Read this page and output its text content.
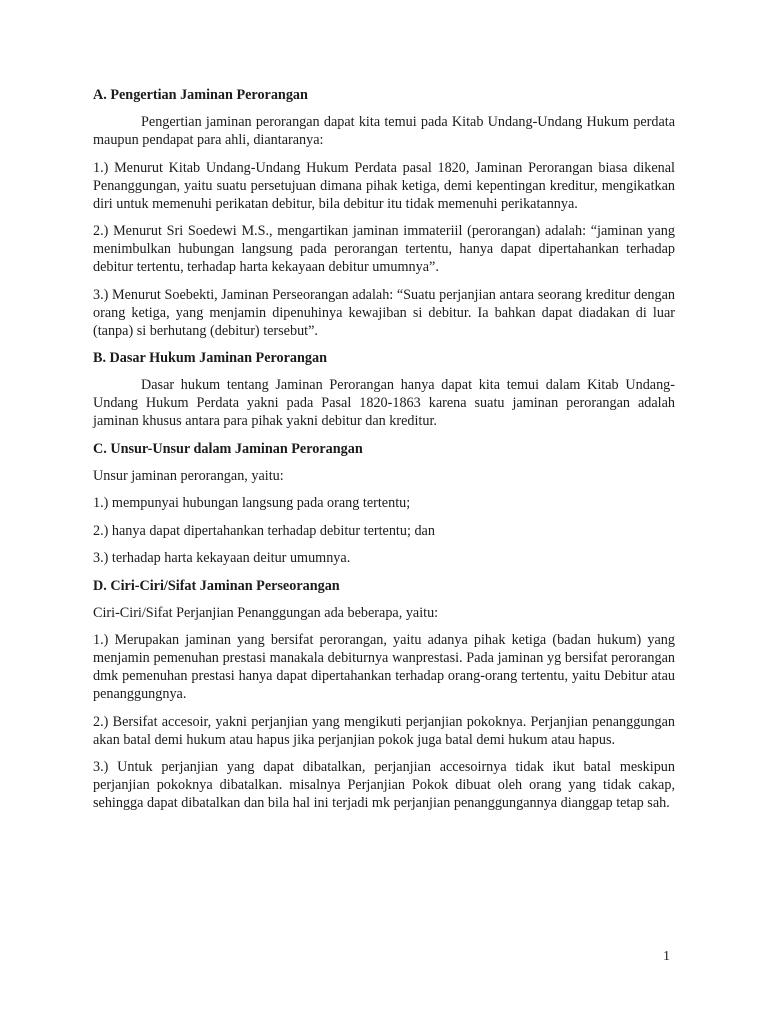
A. Pengertian Jaminan Perorangan
Pengertian jaminan perorangan dapat kita temui pada Kitab Undang-Undang Hukum perdata maupun pendapat para ahli, diantaranya:
1.) Menurut Kitab Undang-Undang Hukum Perdata pasal 1820, Jaminan Perorangan biasa dikenal Penanggungan, yaitu suatu persetujuan dimana pihak ketiga, demi kepentingan kreditur, mengikatkan diri untuk memenuhi perikatan debitur, bila debitur itu tidak memenuhi perikatannya.
2.) Menurut Sri Soedewi M.S., mengartikan jaminan immateriil (perorangan) adalah: “jaminan yang menimbulkan hubungan langsung pada perorangan tertentu, hanya dapat dipertahankan terhadap debitur tertentu, terhadap harta kekayaan debitur umumnya”.
3.) Menurut Soebekti, Jaminan Perseorangan adalah: “Suatu perjanjian antara seorang kreditur dengan orang ketiga, yang menjamin dipenuhinya kewajiban si debitur. Ia bahkan dapat diadakan di luar (tanpa) si berhutang (debitur) tersebut”.
B. Dasar Hukum Jaminan Perorangan
Dasar hukum tentang Jaminan Perorangan hanya dapat kita temui dalam Kitab Undang-Undang Hukum Perdata yakni pada Pasal 1820-1863 karena suatu jaminan perorangan adalah jaminan khusus antara para pihak yakni debitur dan kreditur.
C. Unsur-Unsur dalam Jaminan Perorangan
Unsur jaminan perorangan, yaitu:
1.) mempunyai hubungan langsung pada orang tertentu;
2.) hanya dapat dipertahankan terhadap debitur tertentu; dan
3.) terhadap harta kekayaan deitur umumnya.
D. Ciri-Ciri/Sifat Jaminan Perseorangan
Ciri-Ciri/Sifat Perjanjian Penanggungan ada beberapa, yaitu:
1.) Merupakan jaminan yang bersifat perorangan, yaitu adanya pihak ketiga (badan hukum) yang menjamin pemenuhan prestasi manakala debiturnya wanprestasi. Pada jaminan yg bersifat perorangan dmk pemenuhan prestasi hanya dapat dipertahankan terhadap orang-orang tertentu, yaitu Debitur atau penanggungnya.
2.) Bersifat accesoir, yakni perjanjian yang mengikuti perjanjian pokoknya. Perjanjian penanggungan akan batal demi hukum atau hapus jika perjanjian pokok juga batal demi hukum atau hapus.
3.) Untuk perjanjian yang dapat dibatalkan, perjanjian accesoirnya tidak ikut batal meskipun perjanjian pokoknya dibatalkan. misalnya Perjanjian Pokok dibuat oleh orang yang tidak cakap, sehingga dapat dibatalkan dan bila hal ini terjadi mk perjanjian penanggungannya dianggap tetap sah.
1
